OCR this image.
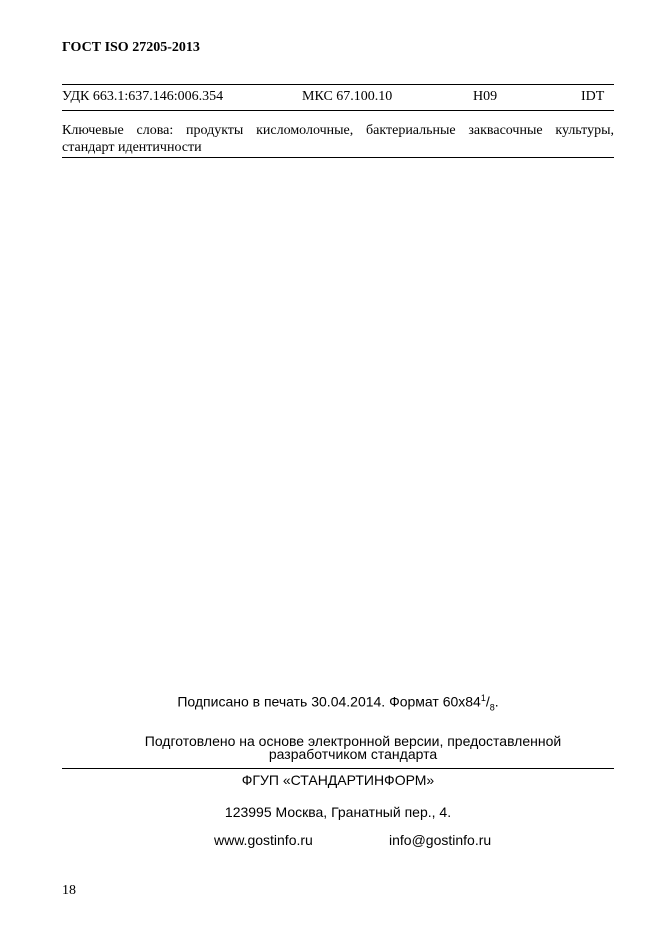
ГОСТ ISO 27205-2013
УДК 663.1:637.146:006.354	МКС 67.100.10	Н09	IDT
Ключевые слова: продукты кисломолочные, бактериальные заквасочные культуры, стандарт идентичности
Подписано в печать 30.04.2014. Формат $60х84^1/_8$.
Подготовлено на основе электронной версии, предоставленной
разработчиком стандарта
ФГУП «СТАНДАРТИНФОРМ»
123995 Москва, Гранатный пер., 4.
www.gostinfo.ru	info@gostinfo.ru
18
